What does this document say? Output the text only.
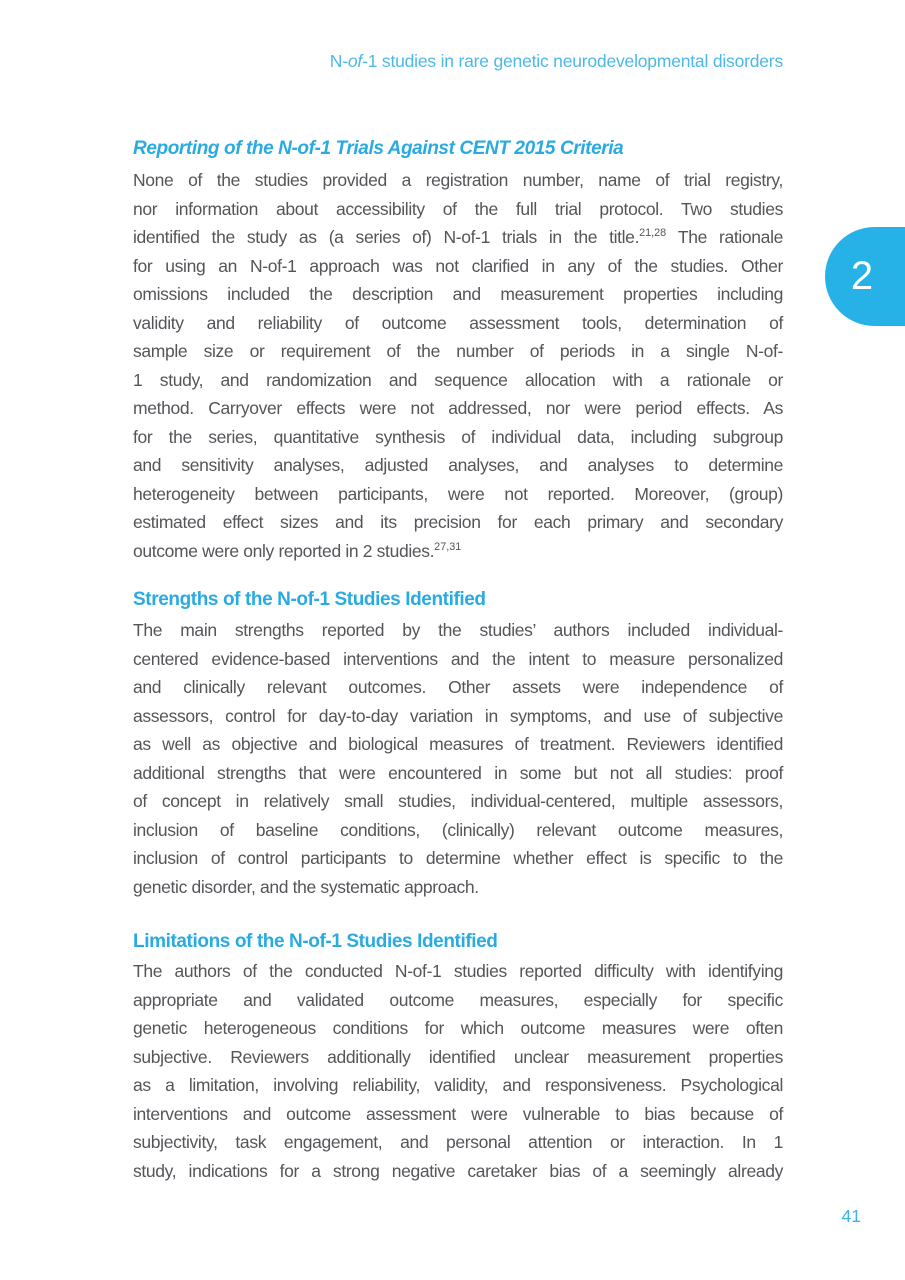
N-of-1 studies in rare genetic neurodevelopmental disorders
2
Reporting of the N-of-1 Trials Against CENT 2015 Criteria
None of the studies provided a registration number, name of trial registry,
nor information about accessibility of the full trial protocol. Two studies
identified the study as (a series of) N-of-1 trials in the title.$^{21,28}$ The rationale
for using an N-of-1 approach was not clarified in any of the studies. Other
omissions included the description and measurement properties including
validity and reliability of outcome assessment tools, determination of
sample size or requirement of the number of periods in a single N-of-
1 study, and randomization and sequence allocation with a rationale or
method. Carryover effects were not addressed, nor were period effects. As
for the series, quantitative synthesis of individual data, including subgroup
and sensitivity analyses, adjusted analyses, and analyses to determine
heterogeneity between participants, were not reported. Moreover, (group)
estimated effect sizes and its precision for each primary and secondary
outcome were only reported in 2 studies.$^{27,31}$
Strengths of the N-of-1 Studies Identified
The main strengths reported by the studies’ authors included individual-
centered evidence-based interventions and the intent to measure personalized
and clinically relevant outcomes. Other assets were independence of
assessors, control for day-to-day variation in symptoms, and use of subjective
as well as objective and biological measures of treatment. Reviewers identified
additional strengths that were encountered in some but not all studies: proof
of concept in relatively small studies, individual-centered, multiple assessors,
inclusion of baseline conditions, (clinically) relevant outcome measures,
inclusion of control participants to determine whether effect is specific to the
genetic disorder, and the systematic approach.
Limitations of the N-of-1 Studies Identified
The authors of the conducted N-of-1 studies reported difficulty with identifying
appropriate and validated outcome measures, especially for specific
genetic heterogeneous conditions for which outcome measures were often
subjective. Reviewers additionally identified unclear measurement properties
as a limitation, involving reliability, validity, and responsiveness. Psychological
interventions and outcome assessment were vulnerable to bias because of
subjectivity, task engagement, and personal attention or interaction. In 1
study, indications for a strong negative caretaker bias of a seemingly already
41
